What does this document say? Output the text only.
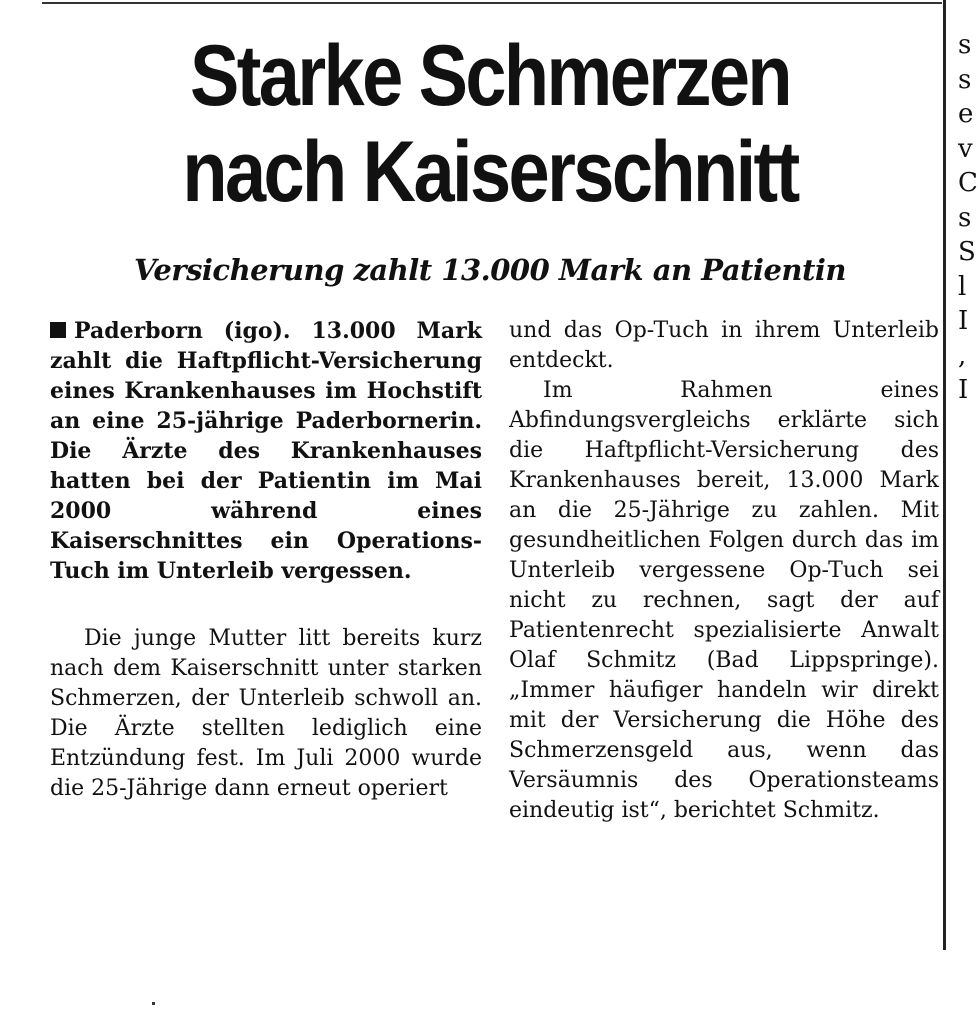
s
s
e
v
C
s
S
l
I
,
I
Starke Schmerzen
nach Kaiserschnitt
Versicherung zahlt 13.000 Mark an Patientin

Paderborn (igo). 13.000 Mark zahlt die Haftpflicht-Versicherung eines Krankenhauses im Hochstift an eine 25-jährige Paderbornerin. Die Ärzte des Krankenhauses hatten bei der Patientin im Mai 2000 während eines Kaiserschnittes ein Operations-Tuch im Unterleib vergessen.

Die junge Mutter litt bereits kurz nach dem Kaiserschnitt unter starken Schmerzen, der Unterleib schwoll an. Die Ärzte stellten lediglich eine Entzündung fest. Im Juli 2000 wurde die 25-Jährige dann erneut operiert

und das Op-Tuch in ihrem Unterleib entdeckt.

Im Rahmen eines Abfindungsvergleichs erklärte sich die Haftpflicht-Versicherung des Krankenhauses bereit, 13.000 Mark an die 25-Jährige zu zahlen. Mit gesundheitlichen Folgen durch das im Unterleib vergessene Op-Tuch sei nicht zu rechnen, sagt der auf Patientenrecht spezialisierte Anwalt Olaf Schmitz (Bad Lippspringe). „Immer häufiger handeln wir direkt mit der Versicherung die Höhe des Schmerzensgeld aus, wenn das Versäumnis des Operationsteams eindeutig ist“, berichtet Schmitz.
